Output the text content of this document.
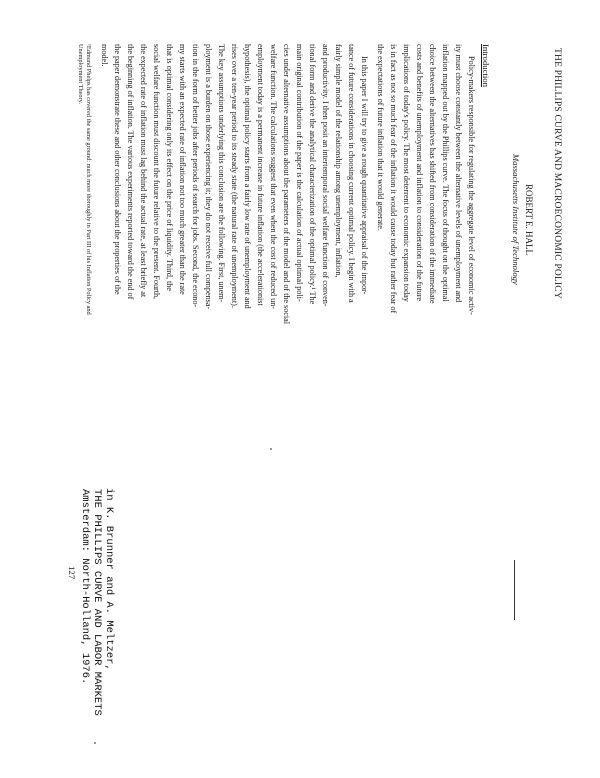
in K. Brunner and A. Meltzer,
THE PHILLIPS CURVE AND LABOR MARKETS
Amsterdam: North-Holland, 1976.
THE PHILLIPS CURVE AND MACROECONOMIC POLICY
ROBERT E. HALL
Massachusetts Institute of Technology
Introduction
Policy-makers responsible for regulating the aggregate level of economic activ-
ity must choose constantly between the alternative levels of unemployment and
inflation mapped out by the Phillips curve. The focus of thought on the optimal
choice between the alternatives has shifted from consideration of the immediate
costs and benefits of unemployment and inflation to consideration of the future
implications of today's policy. The most deterrent to economic expansion today
is in fact as not so much fear of the inflation it would cause today but rather fear of
the expectations of future inflation that it would generate.
In this paper I will try to give a rough quantitative appraisal of the impor-
tance of future considerations in choosing current optimal policy. I begin with a
fairly simple model of the relationship among unemployment, inflation,
and productivity. I then posit an intertemporal social welfare function of conven-
tional form and derive the analytical characterization of the optimal policy.¹ The
main original contribution of the paper is the calculation of actual optimal poli-
cies under alternative assumptions about the parameters of the model and of the social
welfare function. The calculations suggest that even when the cost of reduced un-
employment today is a permanent increase in future inflation (the accelerationist
hypothesis), the optimal policy starts from a fairly low rate of unemployment and
rises over a ten-year period to its steady state (the natural rate of unemployment).
The key assumptions underlying this conclusion are the following. First, unem-
ployment is a burden on those experiencing it; they do not receive full compensa-
tion in the form of better jobs after periods of search for jobs. Second, the econo-
my starts with an expected rate of inflation not too much greater than the rate
that is optimal considering only its effect on the price of liquidity. Third, the
social welfare function must discount the future relative to the present. Fourth,
the expected rate of inflation must lag behind the actual rate, at least briefly at
the beginning of inflation. The various experiments reported toward the end of
the paper demonstrate these and other conclusions about the properties of the
model.
¹Edmund Phelps has covered the same ground: much more thoroughly in Part III of his Inflation Policy and
Unemployment Theory.
127
